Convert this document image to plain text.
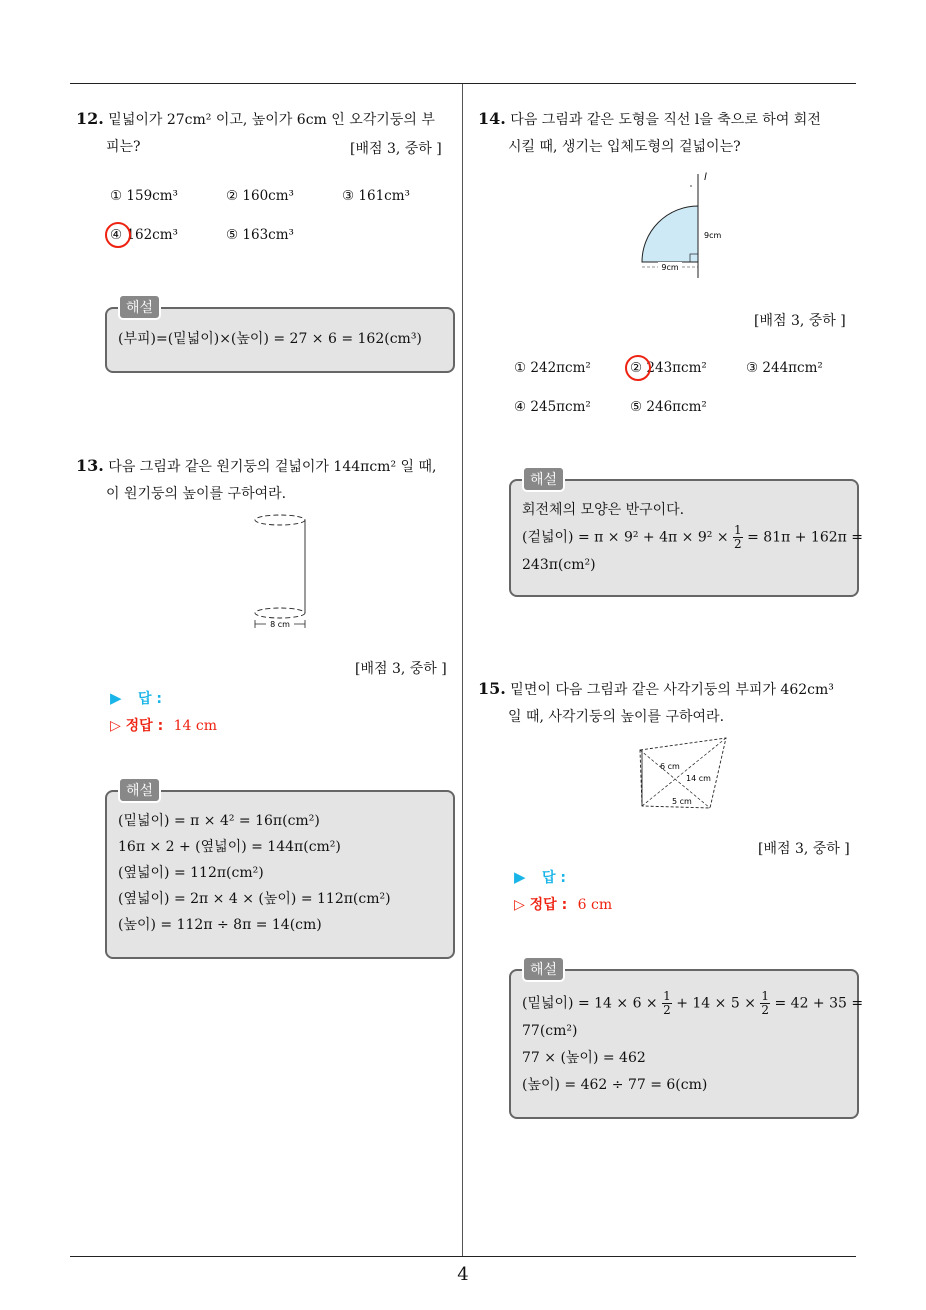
4
12. 밑넓이가 27cm² 이고, 높이가 6cm 인 오각기둥의 부
피는?	[배점 3, 중하 ]
① 159cm³	② 160cm³	③ 161cm³
④ 162cm³	⑤ 163cm³
해설
(부피)=(밑넓이)×(높이) = 27 × 6 = 162(cm³)
13. 다음 그림과 같은 원기둥의 겉넓이가 144πcm² 일 때,
이 원기둥의 높이를 구하여라.
8 cm
[배점 3, 중하 ]
▶ 답 :
▷ 정답 : 14 cm
해설
(밑넓이) = π × 4² = 16π(cm²)
16π × 2 + (옆넓이) = 144π(cm²)
(옆넓이) = 112π(cm²)
(옆넓이) = 2π × 4 × (높이) = 112π(cm²)
(높이) = 112π ÷ 8π = 14(cm)
14. 다음 그림과 같은 도형을 직선 l을 축으로 하여 회전
시킬 때, 생기는 입체도형의 겉넓이는?
l
9cm
9cm
[배점 3, 중하 ]
① 242πcm²	② 243πcm²	③ 244πcm²
④ 245πcm²	⑤ 246πcm²
해설
회전체의 모양은 반구이다.
(겉넓이) = $\pi \times 9^2 + 4\pi \times 9^2 \times \frac{1}{2} = 81\pi + 162\pi$ =
243π(cm²)
15. 밑면이 다음 그림과 같은 사각기둥의 부피가 462cm³
일 때, 사각기둥의 높이를 구하여라.
6 cm
14 cm
5 cm
[배점 3, 중하 ]
▶ 답 :
▷ 정답 : 6 cm
해설
(밑넓이) = $14 \times 6 \times \frac{1}{2} + 14 \times 5 \times \frac{1}{2} = 42 + 35$ =
77(cm²)
77 × (높이) = 462
(높이) = 462 ÷ 77 = 6(cm)
